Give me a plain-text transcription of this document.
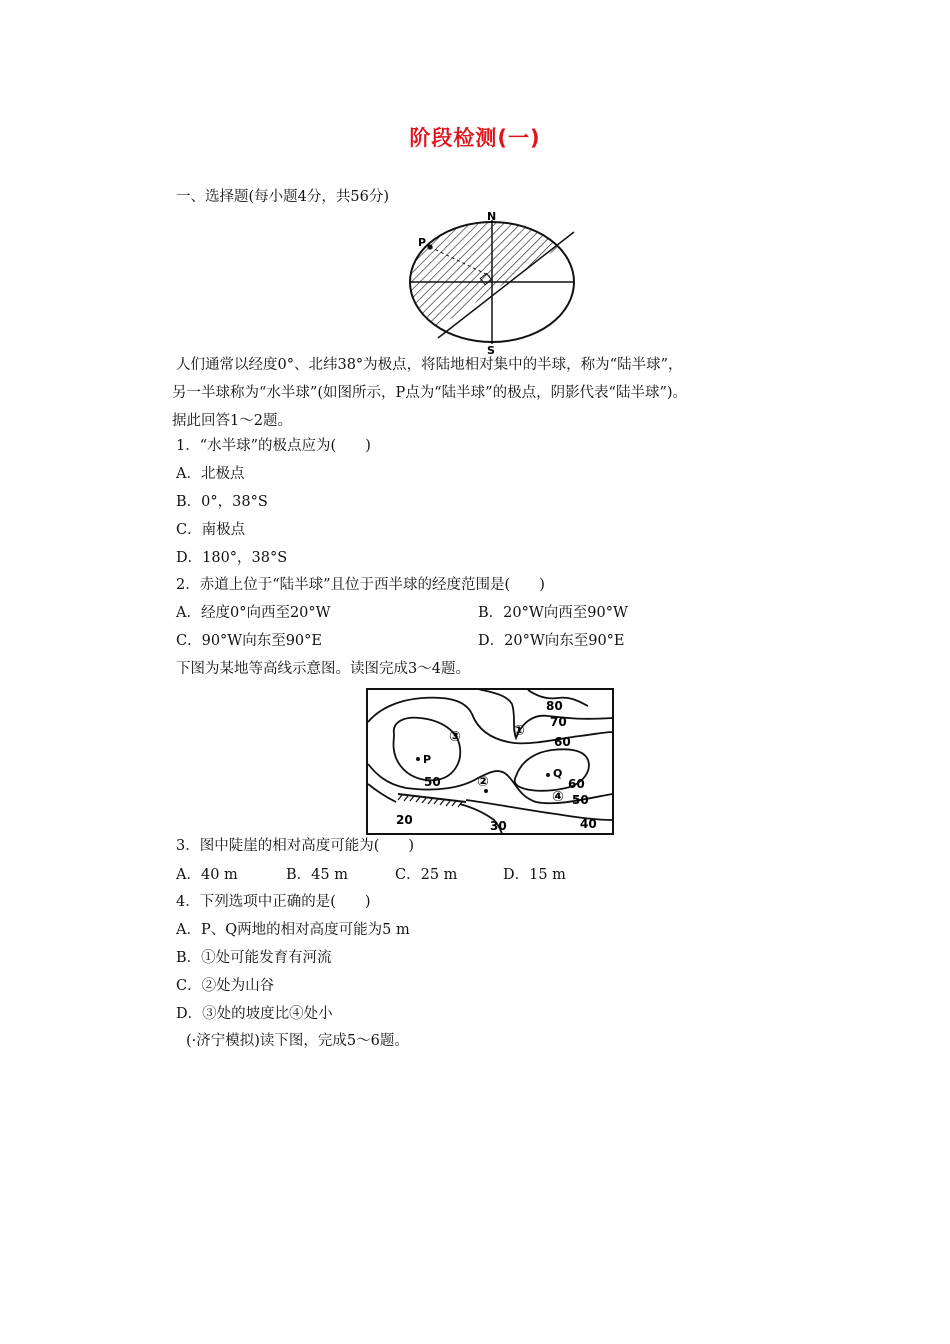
阶段检测(一)
一、选择题(每小题4分，共56分)
N
S
P
人们通常以经度0°、北纬38°为极点，将陆地相对集中的半球，称为“陆半球”，
另一半球称为“水半球”(如图所示，P点为“陆半球”的极点，阴影代表“陆半球”)。
据此回答1～2题。
1．“水半球”的极点应为(　　)
A．北极点
B．0°，38°S
C．南极点
D．180°，38°S
2．赤道上位于“陆半球”且位于西半球的经度范围是(　　)
A．经度0°向西至20°W	B．20°W向西至90°W
C．90°W向东至90°E	D．20°W向东至90°E
下图为某地等高线示意图。读图完成3～4题。
P
Q
80
70
60
50	60
50
40
30
20
①
②
③
④
3．图中陡崖的相对高度可能为(　　)
A．40 m	B．45 m	C．25 m	D．15 m
4．下列选项中正确的是(　　)
A．P、Q两地的相对高度可能为5 m
B．①处可能发育有河流
C．②处为山谷
D．③处的坡度比④处小
(·济宁模拟)读下图，完成5～6题。
